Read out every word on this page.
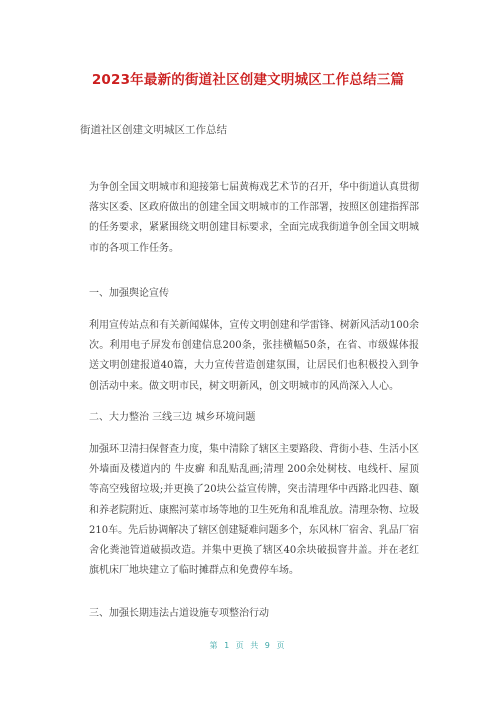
2023年最新的街道社区创建文明城区工作总结三篇
街道社区创建文明城区工作总结
为争创全国文明城市和迎接第七届黄梅戏艺术节的召开，华中街道认真贯彻落实区委、区政府做出的创建全国文明城市的工作部署，按照区创建指挥部的任务要求，紧紧围绕文明创建目标要求，全面完成我街道争创全国文明城市的各项工作任务。
一、加强舆论宣传
利用宣传站点和有关新闻媒体，宣传文明创建和学雷锋、树新风活动100余次。利用电子屏发布创建信息200条，张挂横幅50条，在省、市级媒体报送文明创建报道40篇，大力宣传营造创建氛围，让居民们也积极投入到争创活动中来。做文明市民，树文明新风，创文明城市的风尚深入人心。
二、大力整治 三线三边 城乡环境问题
加强环卫清扫保督查力度，集中清除了辖区主要路段、背街小巷、生活小区外墙面及楼道内的 牛皮癣 和乱贴乱画;清理 200余处树枝、电线杆、屋顶等高空残留垃圾;并更换了20块公益宣传牌，突击清理华中西路北四巷、颐和养老院附近、康熙河菜市场等地的卫生死角和乱堆乱放。清理杂物、垃圾210车。先后协调解决了辖区创建疑难问题多个，东风林厂宿舍、乳品厂宿舍化粪池管道破损改造。并集中更换了辖区40余块破损窨井盖。并在老红旗机床厂地块建立了临时摊群点和免费停车场。
三、加强长期违法占道设施专项整治行动
第 1 页 共 9 页
